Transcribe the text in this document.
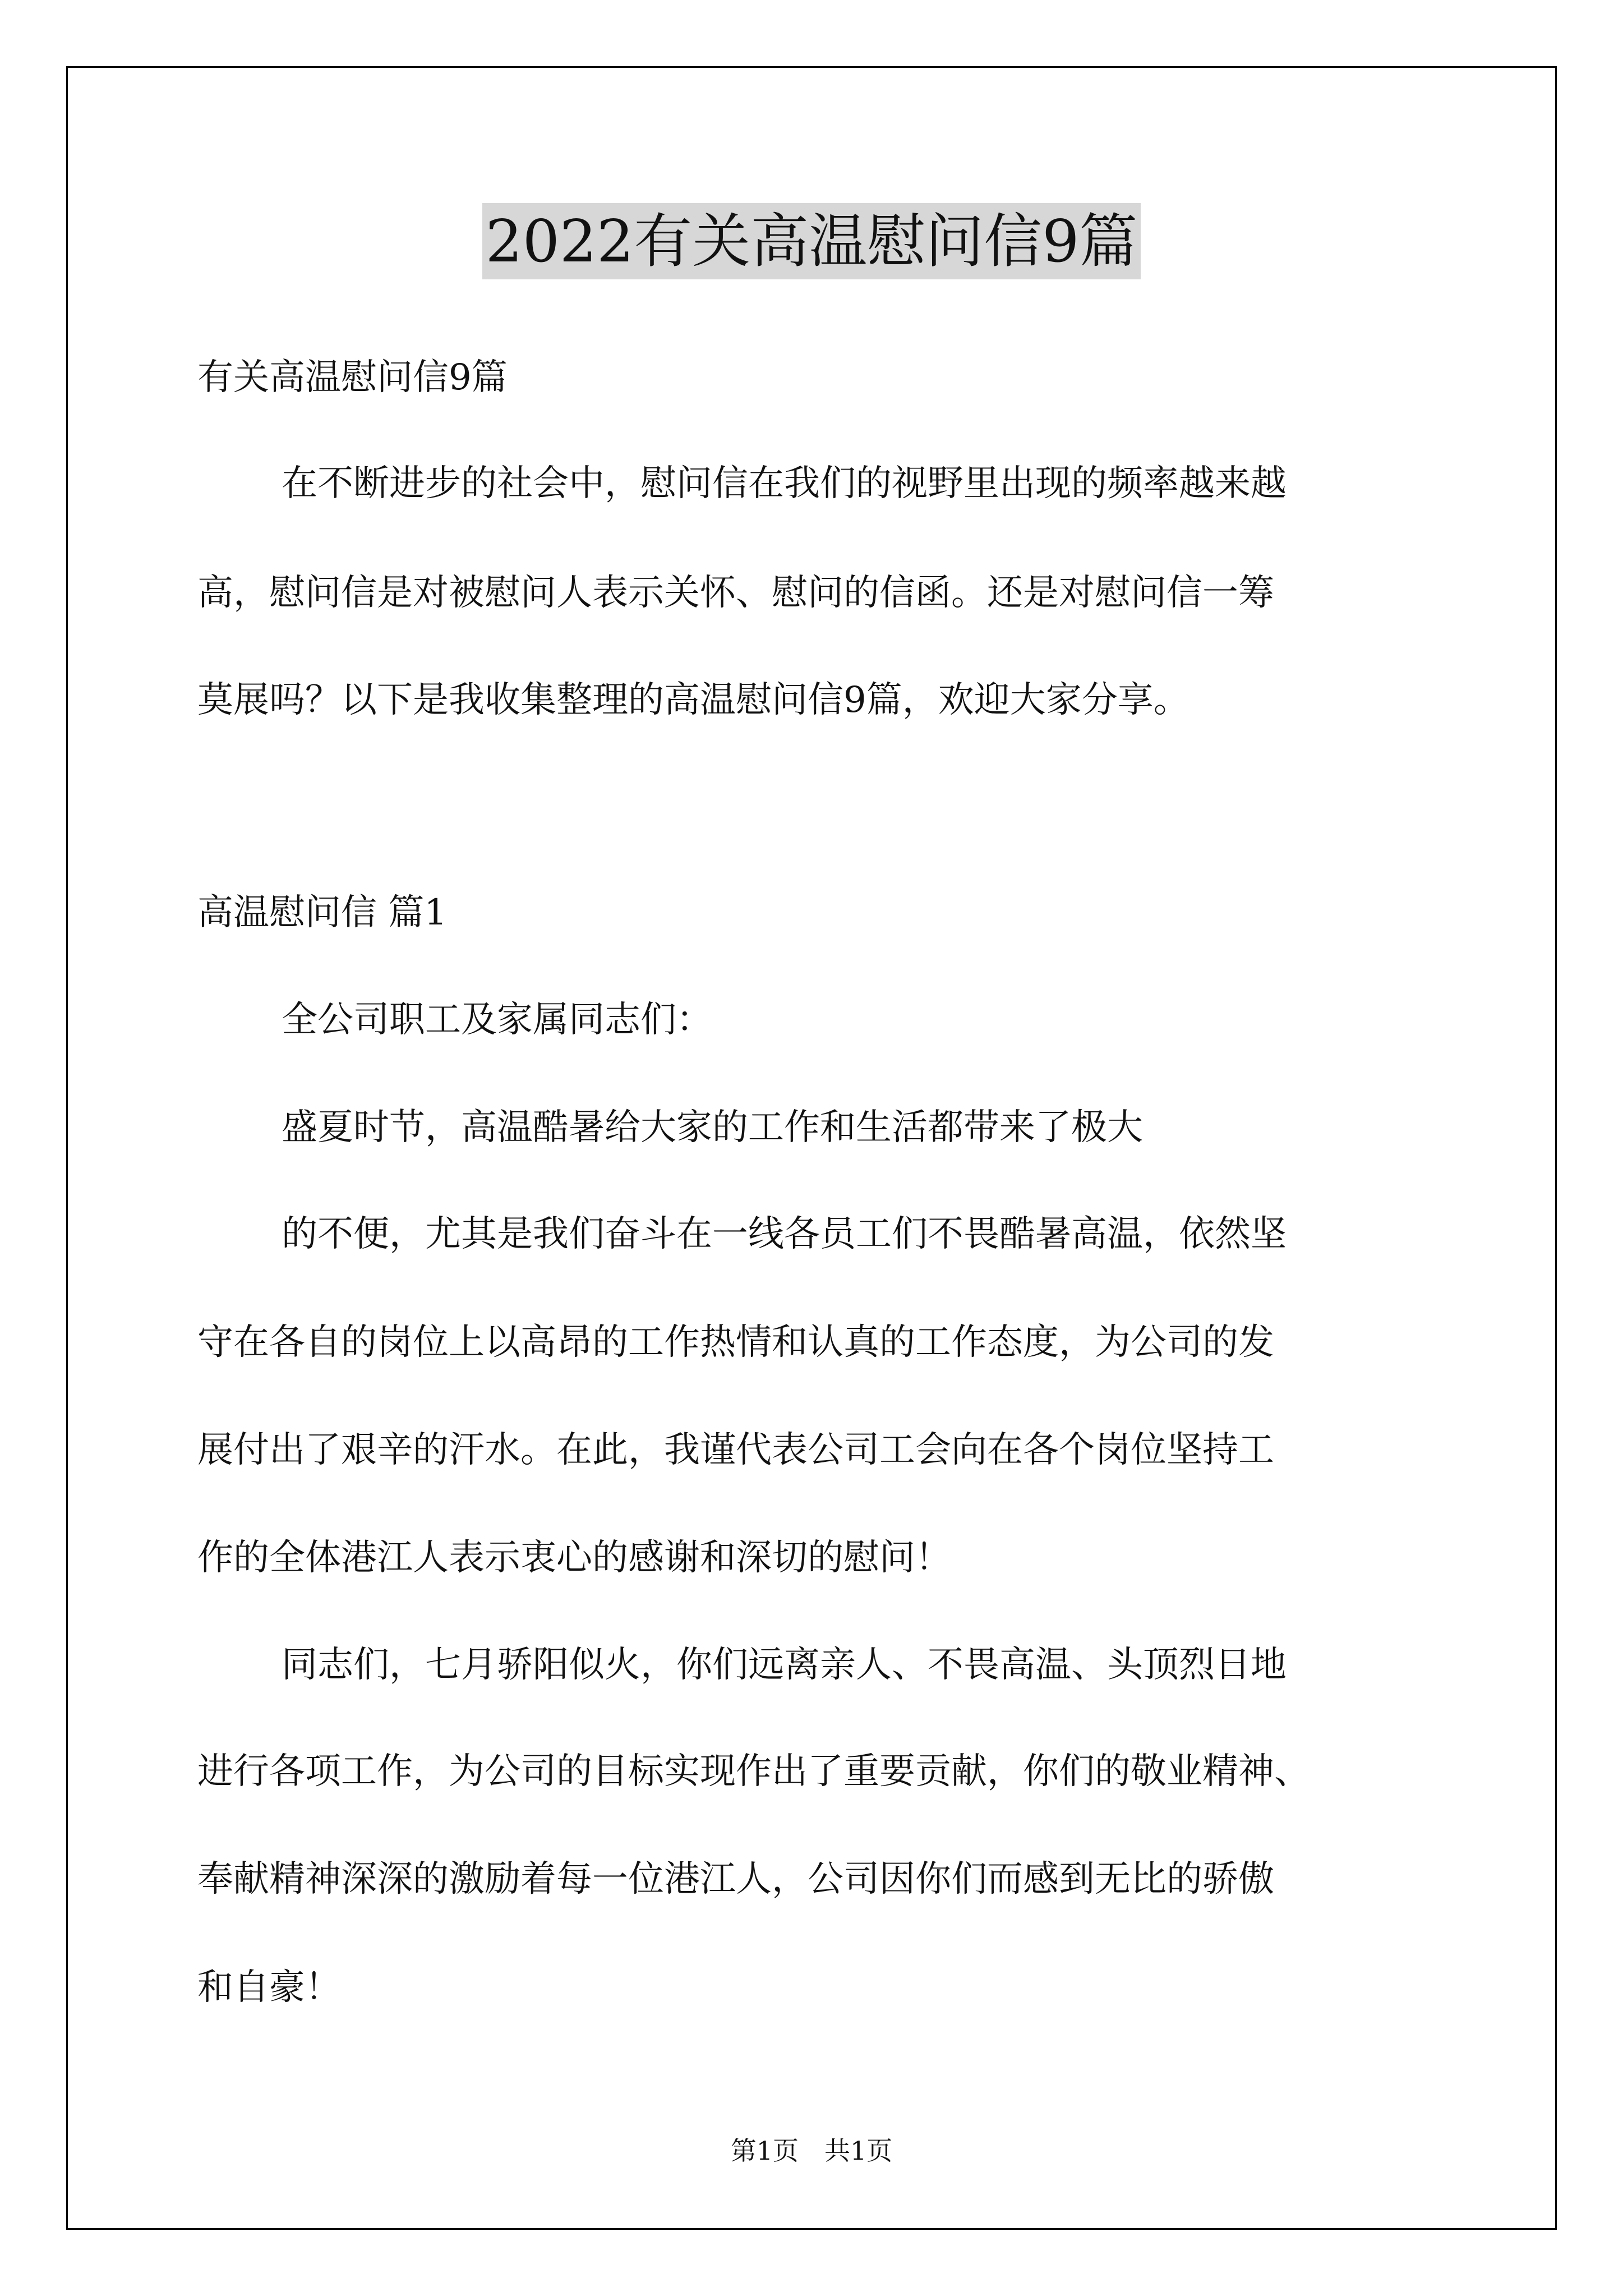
2022有关高温慰问信9篇
有关高温慰问信9篇
在不断进步的社会中，慰问信在我们的视野里出现的频率越来越
高，慰问信是对被慰问人表示关怀、慰问的信函。还是对慰问信一筹
莫展吗？以下是我收集整理的高温慰问信9篇，欢迎大家分享。
高温慰问信 篇1
全公司职工及家属同志们：
盛夏时节，高温酷暑给大家的工作和生活都带来了极大
的不便，尤其是我们奋斗在一线各员工们不畏酷暑高温，依然坚
守在各自的岗位上以高昂的工作热情和认真的工作态度，为公司的发
展付出了艰辛的汗水。在此，我谨代表公司工会向在各个岗位坚持工
作的全体港江人表示衷心的感谢和深切的慰问！
同志们，七月骄阳似火，你们远离亲人、不畏高温、头顶烈日地
进行各项工作，为公司的目标实现作出了重要贡献，你们的敬业精神、
奉献精神深深的激励着每一位港江人，公司因你们而感到无比的骄傲
和自豪！
第1页　共1页
